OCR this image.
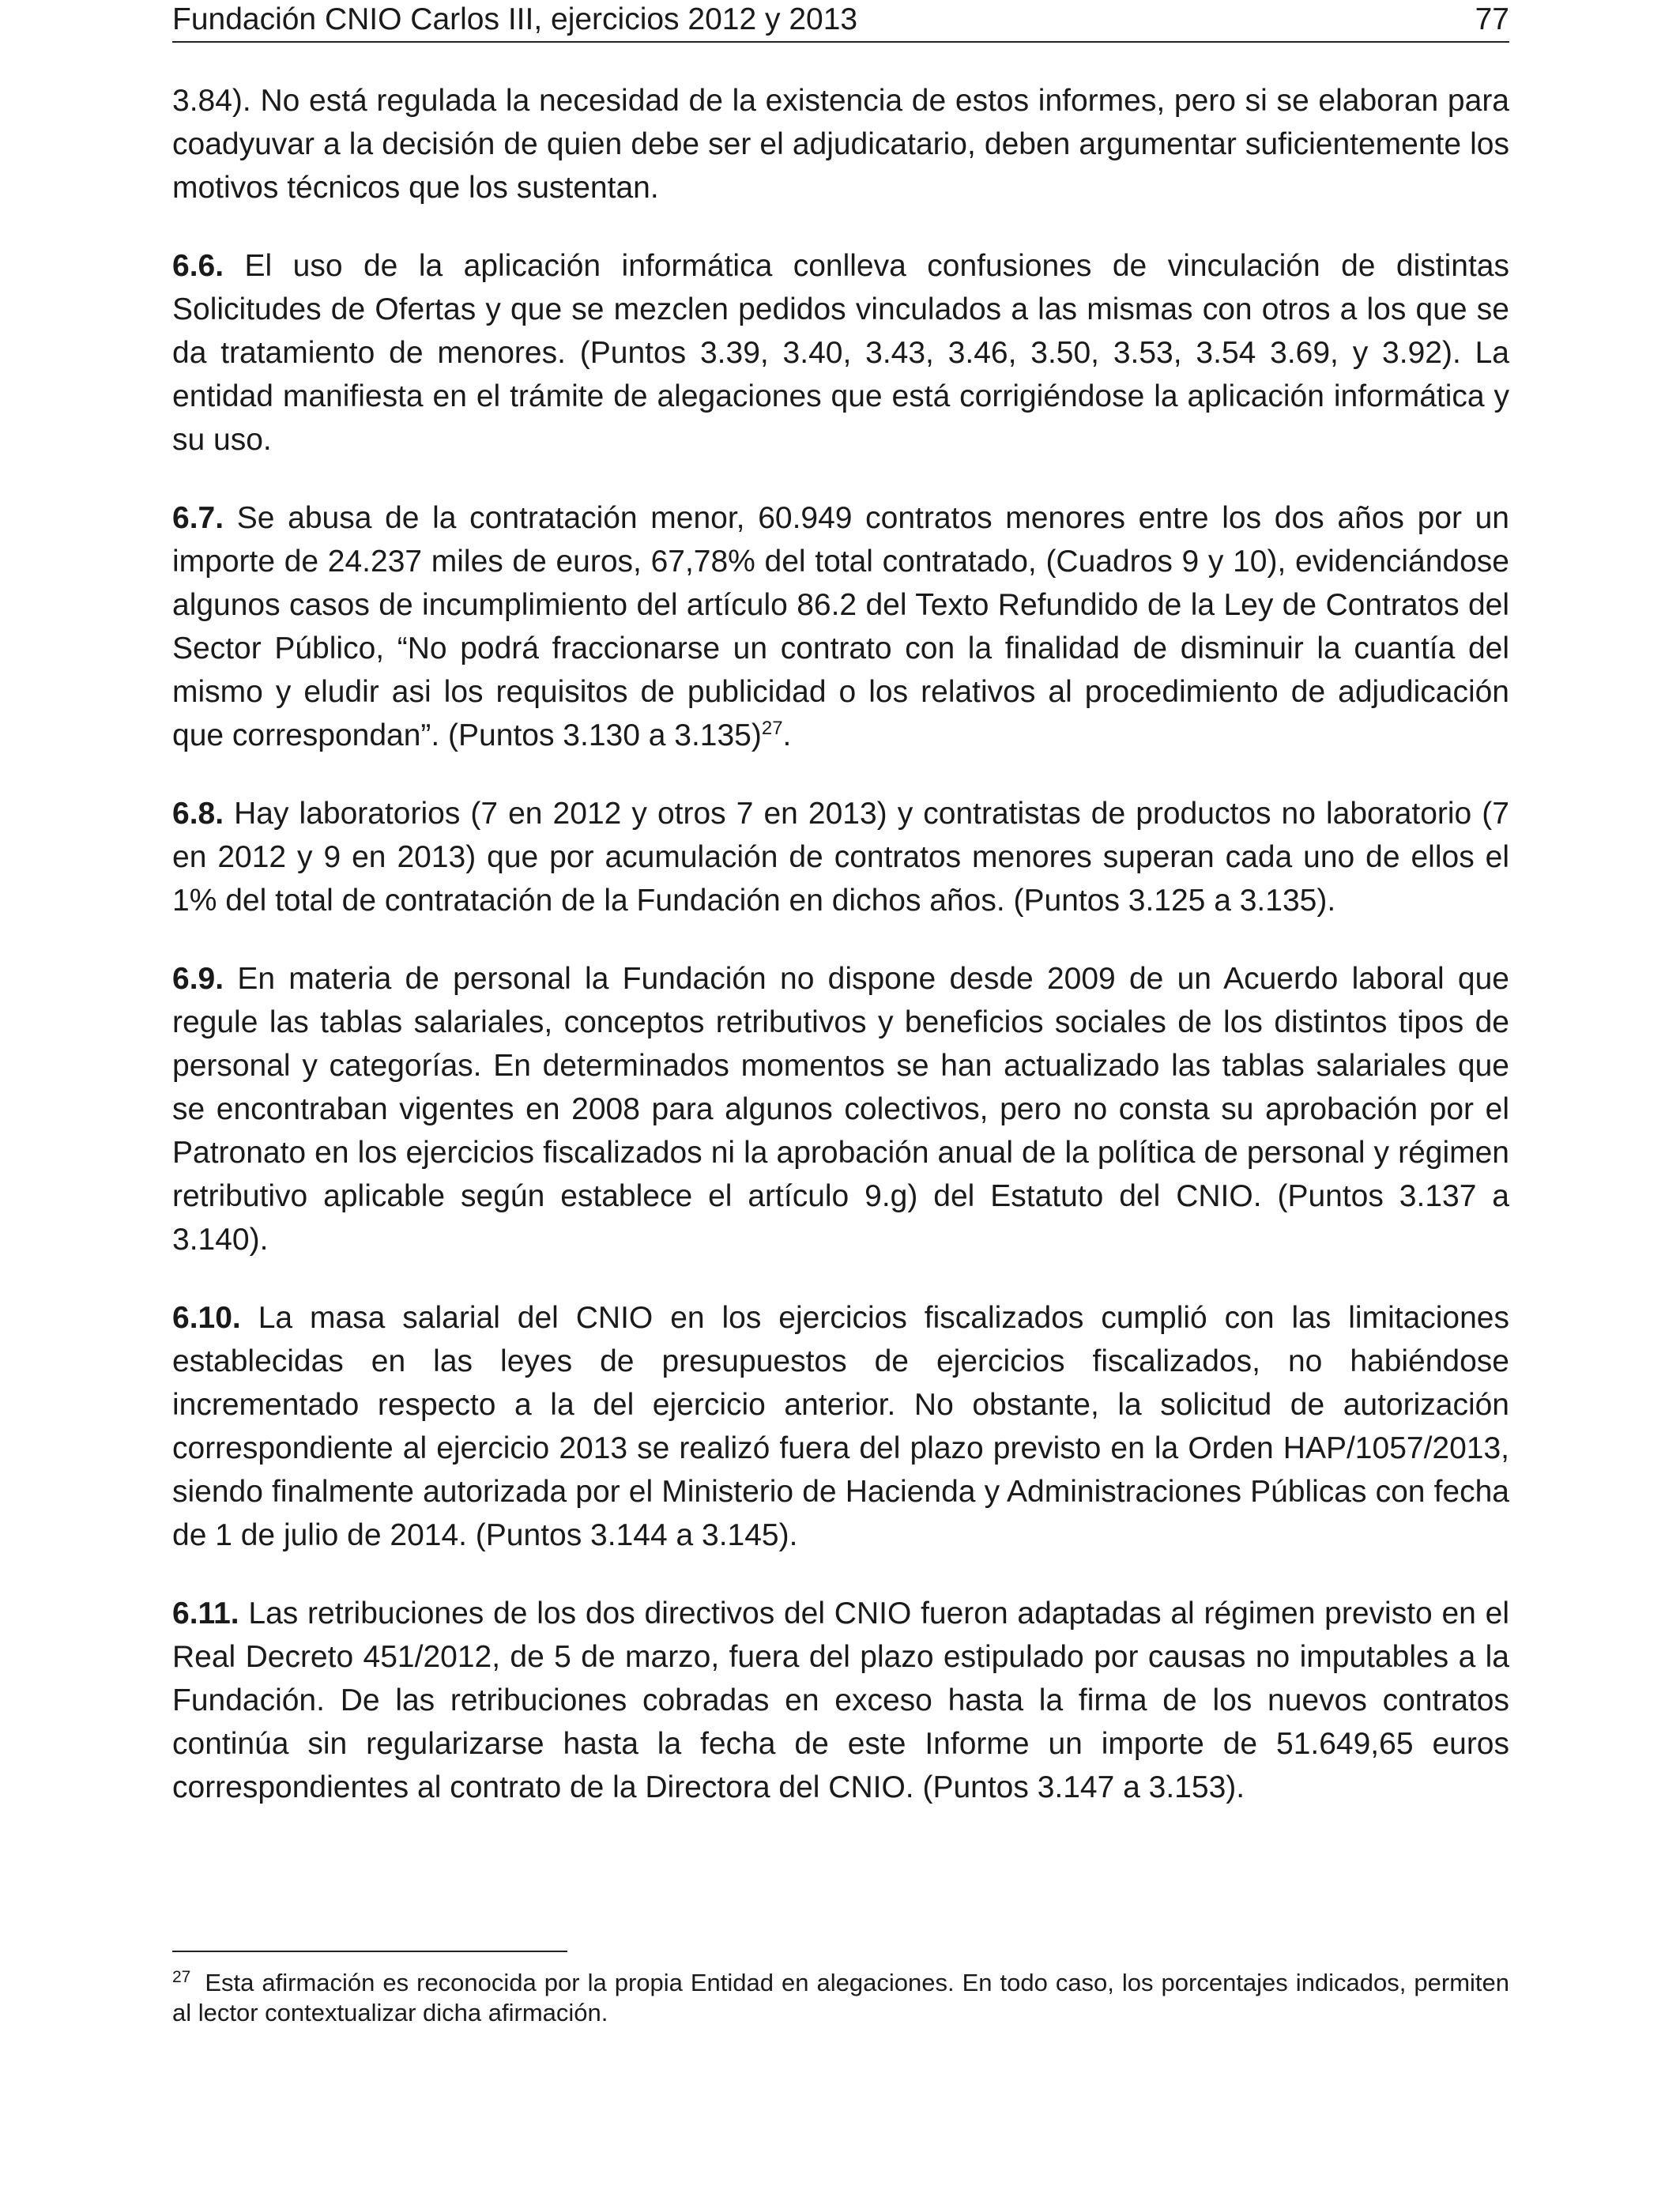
Fundación CNIO Carlos III, ejercicios 2012 y 2013	77

3.84). No está regulada la necesidad de la existencia de estos informes, pero si se elaboran para coadyuvar a la decisión de quien debe ser el adjudicatario, deben argumentar suficientemente los motivos técnicos que los sustentan.

6.6. El uso de la aplicación informática conlleva confusiones de vinculación de distintas Solicitudes de Ofertas y que se mezclen pedidos vinculados a las mismas con otros a los que se da tratamiento de menores. (Puntos 3.39, 3.40, 3.43, 3.46, 3.50, 3.53, 3.54 3.69, y 3.92). La entidad manifiesta en el trámite de alegaciones que está corrigiéndose la aplicación informática y su uso.

6.7. Se abusa de la contratación menor, 60.949 contratos menores entre los dos años por un importe de 24.237 miles de euros, 67,78% del total contratado, (Cuadros 9 y 10), evidenciándose algunos casos de incumplimiento del artículo 86.2 del Texto Refundido de la Ley de Contratos del Sector Público, “No podrá fraccionarse un contrato con la finalidad de disminuir la cuantía del mismo y eludir asi los requisitos de publicidad o los relativos al procedimiento de adjudicación que correspondan”. (Puntos 3.130 a 3.135)$^{27}$.

6.8. Hay laboratorios (7 en 2012 y otros 7 en 2013) y contratistas de productos no laboratorio (7 en 2012 y 9 en 2013) que por acumulación de contratos menores superan cada uno de ellos el 1% del total de contratación de la Fundación en dichos años. (Puntos 3.125 a 3.135).

6.9. En materia de personal la Fundación no dispone desde 2009 de un Acuerdo laboral que regule las tablas salariales, conceptos retributivos y beneficios sociales de los distintos tipos de personal y categorías. En determinados momentos se han actualizado las tablas salariales que se encontraban vigentes en 2008 para algunos colectivos, pero no consta su aprobación por el Patronato en los ejercicios fiscalizados ni la aprobación anual de la política de personal y régimen retributivo aplicable según establece el artículo 9.g) del Estatuto del CNIO. (Puntos 3.137 a 3.140).

6.10. La masa salarial del CNIO en los ejercicios fiscalizados cumplió con las limitaciones establecidas en las leyes de presupuestos de ejercicios fiscalizados, no habiéndose incrementado respecto a la del ejercicio anterior. No obstante, la solicitud de autorización correspondiente al ejercicio 2013 se realizó fuera del plazo previsto en la Orden HAP/1057/2013, siendo finalmente autorizada por el Ministerio de Hacienda y Administraciones Públicas con fecha de 1 de julio de 2014. (Puntos 3.144 a 3.145).

6.11. Las retribuciones de los dos directivos del CNIO fueron adaptadas al régimen previsto en el Real Decreto 451/2012, de 5 de marzo, fuera del plazo estipulado por causas no imputables a la Fundación. De las retribuciones cobradas en exceso hasta la firma de los nuevos contratos continúa sin regularizarse hasta la fecha de este Informe un importe de 51.649,65 euros correspondientes al contrato de la Directora del CNIO. (Puntos 3.147 a 3.153).

$^{27}$ Esta afirmación es reconocida por la propia Entidad en alegaciones. En todo caso, los porcentajes indicados, permiten al lector contextualizar dicha afirmación.
